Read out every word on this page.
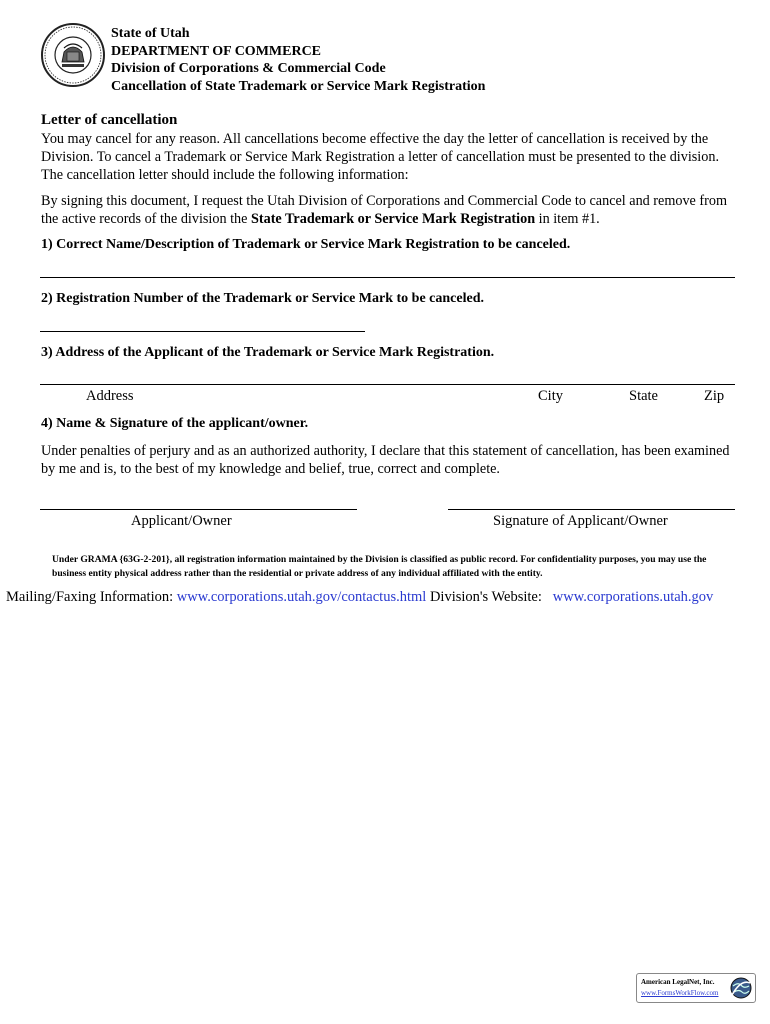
State of Utah
DEPARTMENT OF COMMERCE
Division of Corporations & Commercial Code
Cancellation of State Trademark or Service Mark Registration
Letter of cancellation
You may cancel for any reason. All cancellations become effective the day the letter of cancellation is received by the Division. To cancel a Trademark or Service Mark Registration a letter of cancellation must be presented to the division. The cancellation letter should include the following information:
By signing this document, I request the Utah Division of Corporations and Commercial Code to cancel and remove from the active records of the division the State Trademark or Service Mark Registration in item #1.
1) Correct Name/Description of Trademark or Service Mark Registration to be canceled.
2) Registration Number of the Trademark or Service Mark to be canceled.
3) Address of the Applicant of the Trademark or Service Mark Registration.
Address	City	State	Zip
4) Name & Signature of the applicant/owner.
Under penalties of perjury and as an authorized authority, I declare that this statement of cancellation, has been examined by me and is, to the best of my knowledge and belief, true, correct and complete.
Applicant/Owner	Signature of Applicant/Owner
Under GRAMA {63G-2-201}, all registration information maintained by the Division is classified as public record. For confidentiality purposes, you may use the business entity physical address rather than the residential or private address of any individual affiliated with the entity.
Mailing/Faxing Information: www.corporations.utah.gov/contactus.html Division's Website: www.corporations.utah.gov
American LegalNet, Inc.
www.FormsWorkFlow.com
